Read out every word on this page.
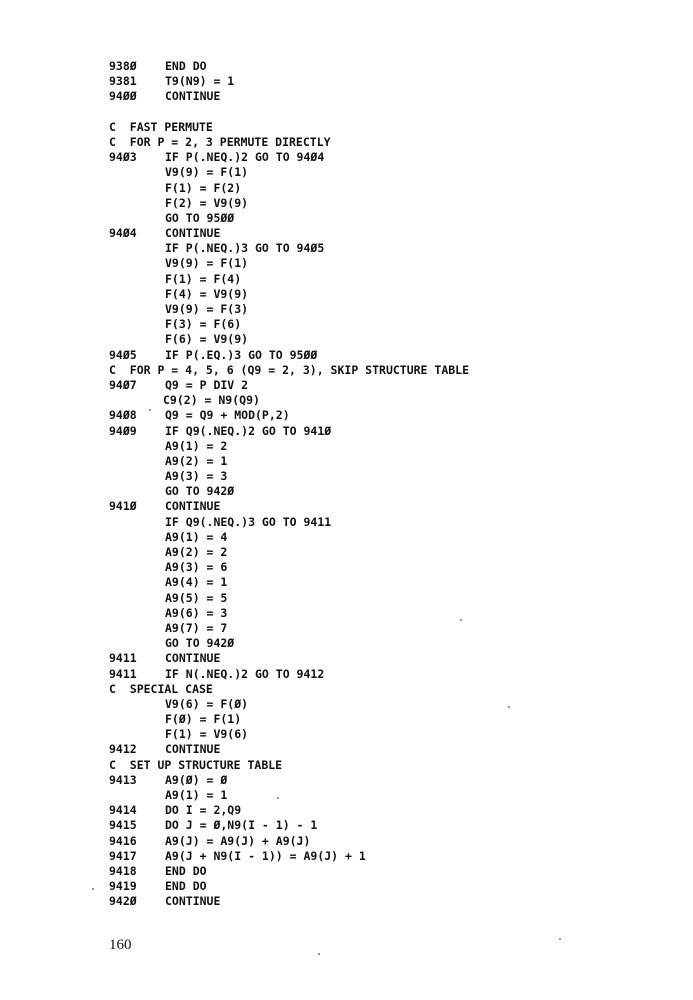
938Ø END DO
9381 T9(N9) = 1
94ØØ CONTINUE
C  FAST PERMUTE
C  FOR P = 2, 3 PERMUTE DIRECTLY
94Ø3 IF P(.NEQ.)2 GO TO 94Ø4
V9(9) = F(1)
F(1) = F(2)
F(2) = V9(9)
GO TO 95ØØ
94Ø4 CONTINUE
IF P(.NEQ.)3 GO TO 94Ø5
V9(9) = F(1)
F(1) = F(4)
F(4) = V9(9)
V9(9) = F(3)
F(3) = F(6)
F(6) = V9(9)
94Ø5 IF P(.EQ.)3 GO TO 95ØØ
C  FOR P = 4, 5, 6 (Q9 = 2, 3), SKIP STRUCTURE TABLE
94Ø7 Q9 = P DIV 2
C9(2) = N9(Q9)
94Ø8 Q9 = Q9 + MOD(P,2)
94Ø9 IF Q9(.NEQ.)2 GO TO 941Ø
A9(1) = 2
A9(2) = 1
A9(3) = 3
GO TO 942Ø
941Ø CONTINUE
IF Q9(.NEQ.)3 GO TO 9411
A9(1) = 4
A9(2) = 2
A9(3) = 6
A9(4) = 1
A9(5) = 5
A9(6) = 3
A9(7) = 7
GO TO 942Ø
9411 CONTINUE
9411 IF N(.NEQ.)2 GO TO 9412
C  SPECIAL CASE
V9(6) = F(Ø)
F(Ø) = F(1)
F(1) = V9(6)
9412 CONTINUE
C  SET UP STRUCTURE TABLE
9413 A9(Ø) = Ø
A9(1) = 1
9414 DO I = 2,Q9
9415 DO J = Ø,N9(I - 1) - 1
9416 A9(J) = A9(J) + A9(J)
9417 A9(J + N9(I - 1)) = A9(J) + 1
9418 END DO
9419 END DO
942Ø CONTINUE
160
